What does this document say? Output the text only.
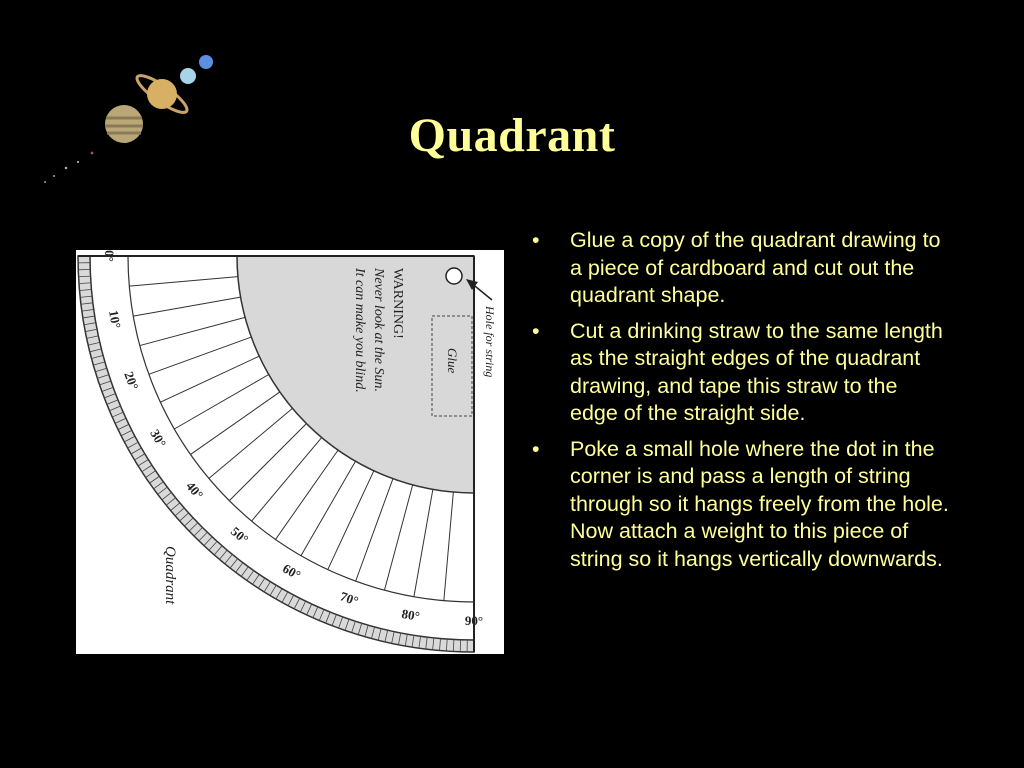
Quadrant
0°
10°
20°
30°
40°
50°
60°
70°
80°	90°
WARNING!
Never look at the Sun.
It can make you blind.	Glue Hole for string
Quadrant
• Glue a copy of the quadrant drawing to a piece of cardboard and cut out the quadrant shape.
• Cut a drinking straw to the same length as the straight edges of the quadrant drawing, and tape this straw to the edge of the straight side.
• Poke a small hole where the dot in the corner is and pass a length of string through so it hangs freely from the hole. Now attach a weight to this piece of string so it hangs vertically downwards.
